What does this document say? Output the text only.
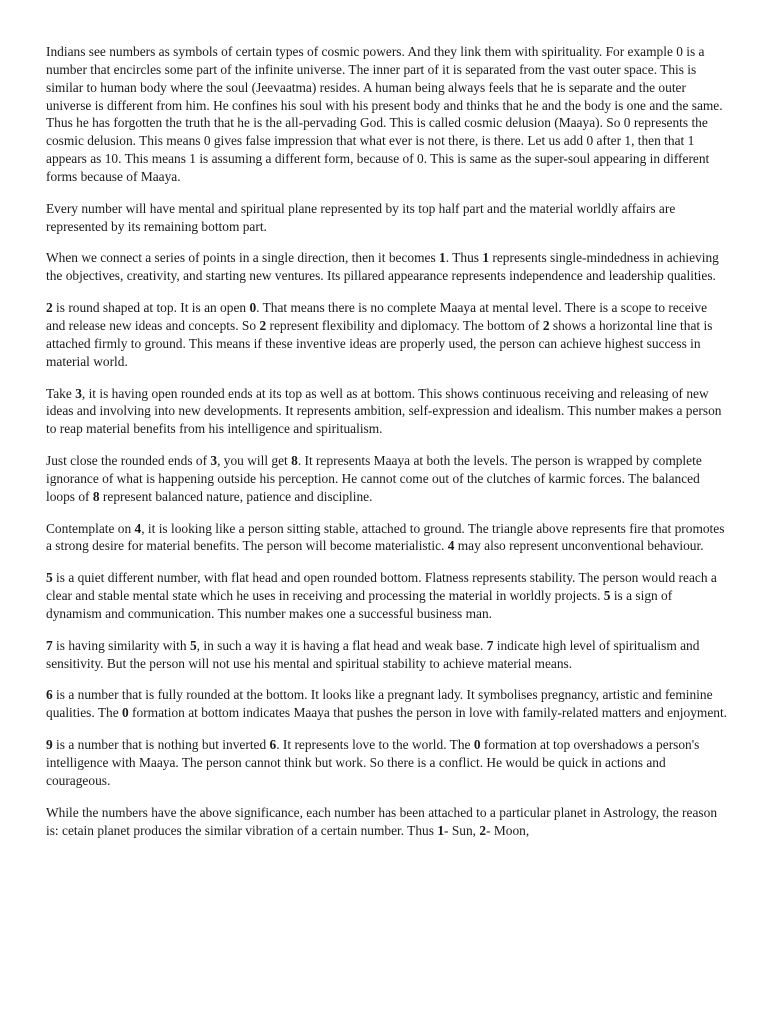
Indians see numbers as symbols of certain types of cosmic powers. And they link them with spirituality. For example 0 is a number that encircles some part of the infinite universe. The inner part of it is separated from the vast outer space. This is similar to human body where the soul (Jeevaatma) resides. A human being always feels that he is separate and the outer universe is different from him. He confines his soul with his present body and thinks that he and the body is one and the same. Thus he has forgotten the truth that he is the all-pervading God. This is called cosmic delusion (Maaya). So 0 represents the cosmic delusion. This means 0 gives false impression that what ever is not there, is there. Let us add 0 after 1, then that 1 appears as 10. This means 1 is assuming a different form, because of 0. This is same as the super-soul appearing in different forms because of Maaya.

Every number will have mental and spiritual plane represented by its top half part and the material worldly affairs are represented by its remaining bottom part.

When we connect a series of points in a single direction, then it becomes 1. Thus 1 represents single-mindedness in achieving the objectives, creativity, and starting new ventures. Its pillared appearance represents independence and leadership qualities.

2 is round shaped at top. It is an open 0. That means there is no complete Maaya at mental level. There is a scope to receive and release new ideas and concepts. So 2 represent flexibility and diplomacy. The bottom of 2 shows a horizontal line that is attached firmly to ground. This means if these inventive ideas are properly used, the person can achieve highest success in material world.

Take 3, it is having open rounded ends at its top as well as at bottom. This shows continuous receiving and releasing of new ideas and involving into new developments. It represents ambition, self-expression and idealism. This number makes a person to reap material benefits from his intelligence and spiritualism.

Just close the rounded ends of 3, you will get 8. It represents Maaya at both the levels. The person is wrapped by complete ignorance of what is happening outside his perception. He cannot come out of the clutches of karmic forces. The balanced loops of 8 represent balanced nature, patience and discipline.

Contemplate on 4, it is looking like a person sitting stable, attached to ground. The triangle above represents fire that promotes a strong desire for material benefits. The person will become materialistic. 4 may also represent unconventional behaviour.

5 is a quiet different number, with flat head and open rounded bottom. Flatness represents stability. The person would reach a clear and stable mental state which he uses in receiving and processing the material in worldly projects. 5 is a sign of dynamism and communication. This number makes one a successful business man.

7 is having similarity with 5, in such a way it is having a flat head and weak base. 7 indicate high level of spiritualism and sensitivity. But the person will not use his mental and spiritual stability to achieve material means.

6 is a number that is fully rounded at the bottom. It looks like a pregnant lady. It symbolises pregnancy, artistic and feminine qualities. The 0 formation at bottom indicates Maaya that pushes the person in love with family-related matters and enjoyment.

9 is a number that is nothing but inverted 6. It represents love to the world. The 0 formation at top overshadows a person's intelligence with Maaya. The person cannot think but work. So there is a conflict. He would be quick in actions and courageous.

While the numbers have the above significance, each number has been attached to a particular planet in Astrology, the reason is: cetain planet produces the similar vibration of a certain number. Thus 1- Sun, 2- Moon,
